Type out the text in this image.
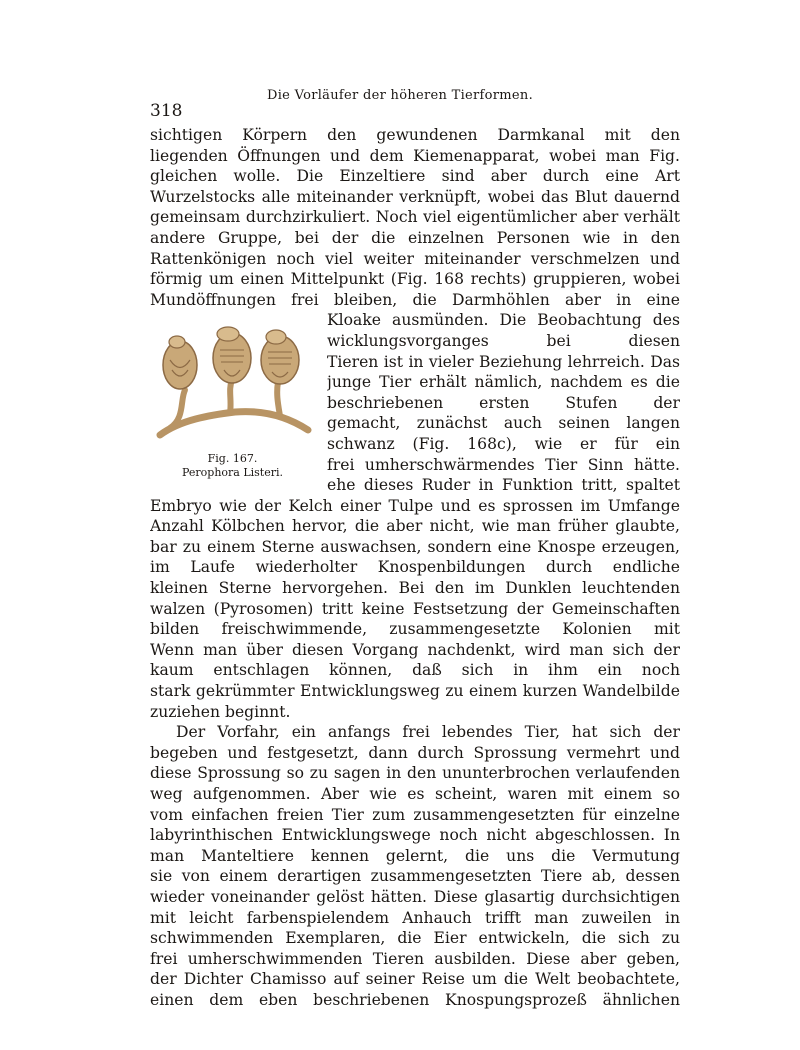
Die Vorläufer der höheren Tierformen.
318
Fig. 167.
Perophora Listeri.
sichtigen Körpern den gewundenen Darmkanal mit den
liegenden Öffnungen und dem Kiemenapparat, wobei man Fig.
gleichen wolle. Die Einzeltiere sind aber durch eine Art
Wurzelstocks alle miteinander verknüpft, wobei das Blut dauernd
gemeinsam durchzirkuliert. Noch viel eigentümlicher aber verhält
andere Gruppe, bei der die einzelnen Personen wie in den
Rattenkönigen noch viel weiter miteinander verschmelzen und
förmig um einen Mittelpunkt (Fig. 168 rechts) gruppieren, wobei
Mundöffnungen frei bleiben, die Darmhöhlen aber in eine
Kloake ausmünden. Die Beobachtung des
wicklungsvorganges bei diesen
Tieren ist in vieler Beziehung lehrreich. Das
junge Tier erhält nämlich, nachdem es die
beschriebenen ersten Stufen der
gemacht, zunächst auch seinen langen
schwanz (Fig. 168c), wie er für ein
frei umherschwärmendes Tier Sinn hätte.
ehe dieses Ruder in Funktion tritt, spaltet
Embryo wie der Kelch einer Tulpe und es sprossen im Umfange
Anzahl Kölbchen hervor, die aber nicht, wie man früher glaubte,
bar zu einem Sterne auswachsen, sondern eine Knospe erzeugen,
im Laufe wiederholter Knospenbildungen durch endliche
kleinen Sterne hervorgehen. Bei den im Dunklen leuchtenden
walzen (Pyrosomen) tritt keine Festsetzung der Gemeinschaften
bilden freischwimmende, zusammengesetzte Kolonien mit
Wenn man über diesen Vorgang nachdenkt, wird man sich der
kaum entschlagen können, daß sich in ihm ein noch
stark gekrümmter Entwicklungsweg zu einem kurzen Wandelbilde
zuziehen beginnt.
Der Vorfahr, ein anfangs frei lebendes Tier, hat sich der
begeben und festgesetzt, dann durch Sprossung vermehrt und
diese Sprossung so zu sagen in den ununterbrochen verlaufenden
weg aufgenommen. Aber wie es scheint, waren mit einem so
vom einfachen freien Tier zum zusammengesetzten für einzelne
labyrinthischen Entwicklungswege noch nicht abgeschlossen. In
man Manteltiere kennen gelernt, die uns die Vermutung
sie von einem derartigen zusammengesetzten Tiere ab, dessen
wieder voneinander gelöst hätten. Diese glasartig durchsichtigen
mit leicht farbenspielendem Anhauch trifft man zuweilen in
schwimmenden Exemplaren, die Eier entwickeln, die sich zu
frei umherschwimmenden Tieren ausbilden. Diese aber geben,
der Dichter Chamisso auf seiner Reise um die Welt beobachtete,
einen dem eben beschriebenen Knospungsprozeß ähnlichen
